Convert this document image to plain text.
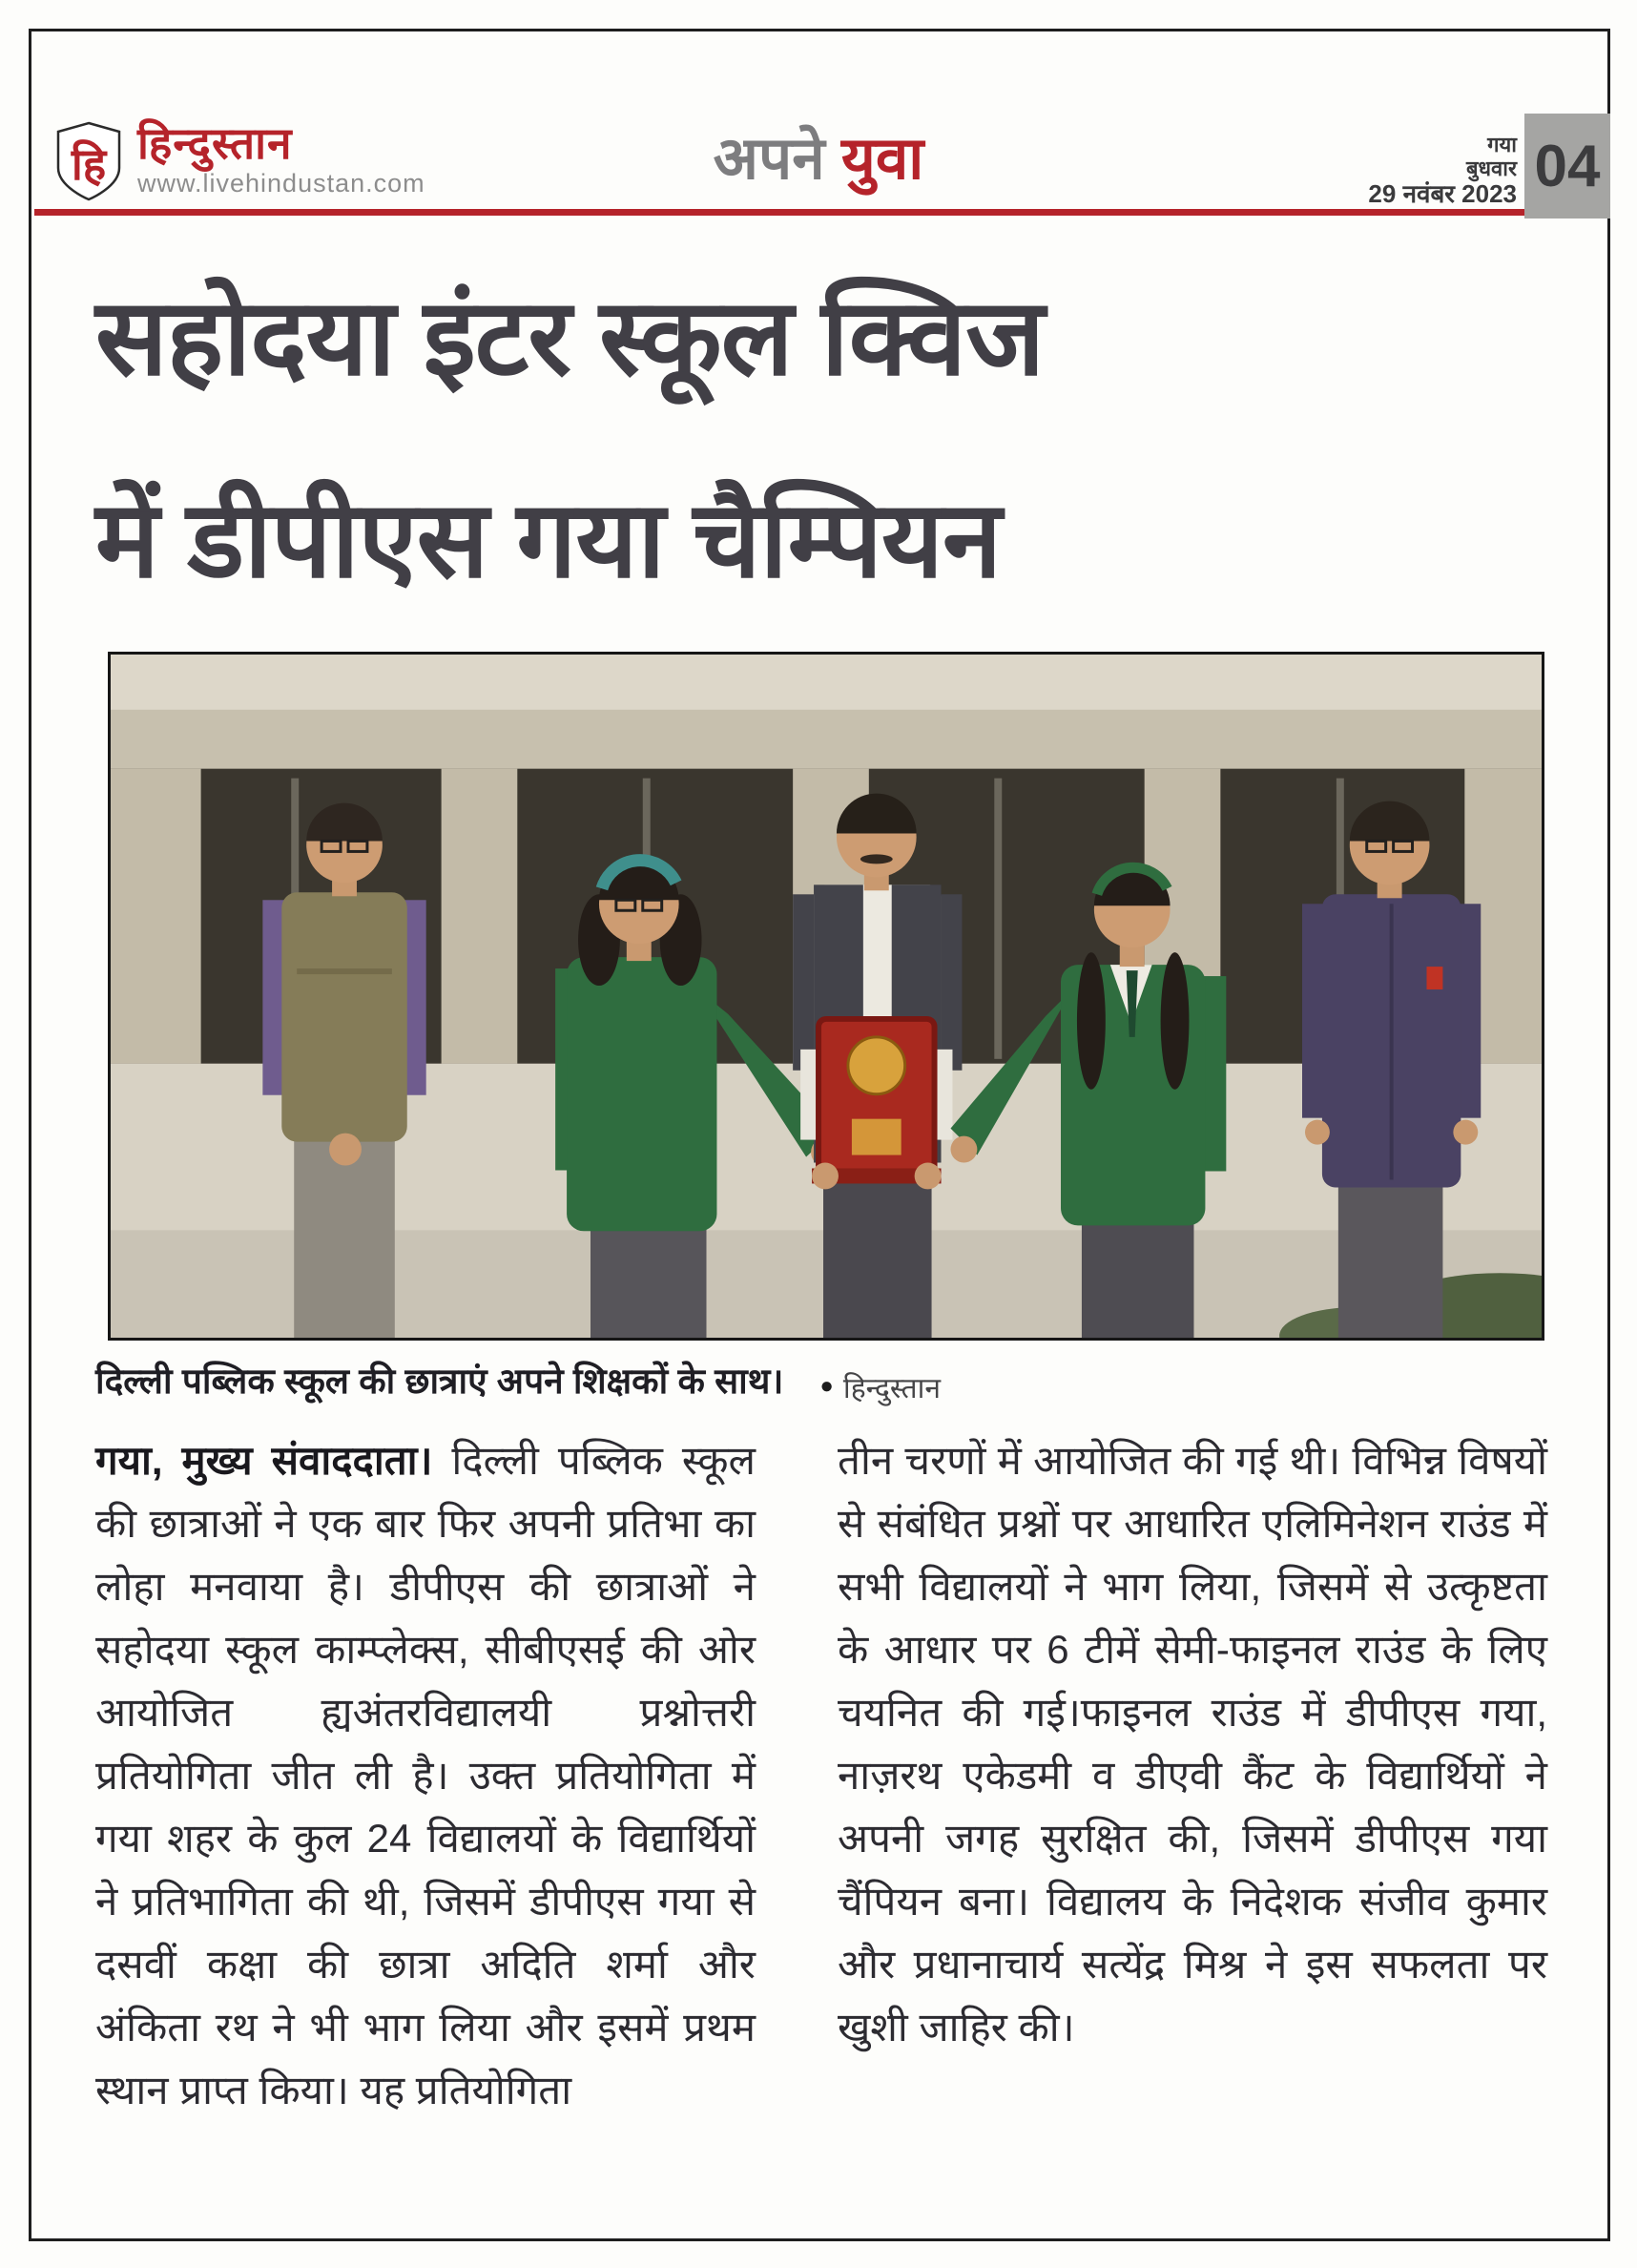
हि हिन्दुस्तान
www.livehindustan.com	अपने युवा	गया
बुधवार
29 नवंबर 2023 04
सहोदया इंटर स्कूल क्विज
में डीपीएस गया चैम्पियन
दिल्ली पब्लिक स्कूल की छात्राएं अपने शिक्षकों के साथ। ● हिन्दुस्तान

गया, मुख्य संवाददाता। दिल्ली पब्लिक स्कूल की छात्राओं ने एक बार फिर अपनी प्रतिभा का लोहा मनवाया है। डीपीएस की छात्राओं ने सहोदया स्कूल काम्प्लेक्स, सीबीएसई की ओर आयोजित ह्यअंतरविद्यालयी प्रश्नोत्तरी प्रतियोगिता जीत ली है। उक्त प्रतियोगिता में गया शहर के कुल 24 विद्यालयों के विद्यार्थियों ने प्रतिभागिता की थी, जिसमें डीपीएस गया से दसवीं कक्षा की छात्रा अदिति शर्मा और अंकिता रथ ने भी भाग लिया और इसमें प्रथम स्थान प्राप्त किया। यह प्रतियोगिता

तीन चरणों में आयोजित की गई थी। विभिन्न विषयों से संबंधित प्रश्नों पर आधारित एलिमिनेशन राउंड में सभी विद्यालयों ने भाग लिया, जिसमें से उत्कृष्टता के आधार पर 6 टीमें सेमी-फाइनल राउंड के लिए चयनित की गई।फाइनल राउंड में डीपीएस गया, नाज़रथ एकेडमी व डीएवी कैंट के विद्यार्थियों ने अपनी जगह सुरक्षित की, जिसमें डीपीएस गया चैंपियन बना। विद्यालय के निदेशक संजीव कुमार और प्रधानाचार्य सत्येंद्र मिश्र ने इस सफलता पर खुशी जाहिर की।
